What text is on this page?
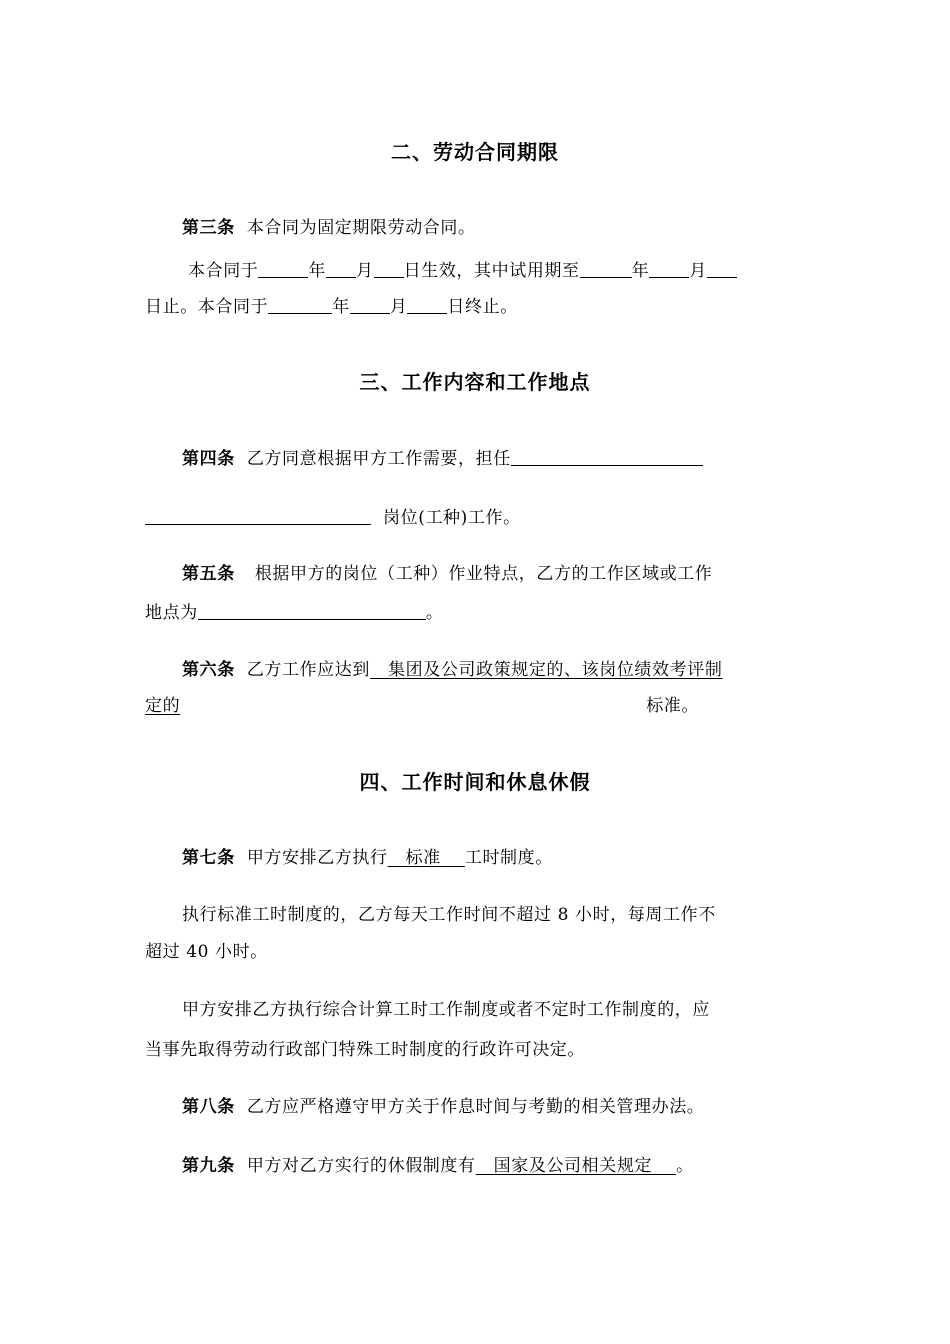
二、劳动合同期限
第三条 本合同为固定期限劳动合同。
本合同于	年 月 日生效，其中试用期至	年 月
日止。本合同于	年 月 日终止。
三、工作内容和工作地点
第四条 乙方同意根据甲方工作需要，担任
岗位(工种)工作。
第五条 根据甲方的岗位（工种）作业特点，乙方的工作区域或工作
地点为	。
第六条 乙方工作应达到 集团及公司政策规定的、该岗位绩效考评制
定的	标准。
四、工作时间和休息休假
第七条 甲方安排乙方执行 标准 工时制度。
执行标准工时制度的，乙方每天工作时间不超过 8 小时，每周工作不
超过 40 小时。
甲方安排乙方执行综合计算工时工作制度或者不定时工作制度的，应
当事先取得劳动行政部门特殊工时制度的行政许可决定。
第八条 乙方应严格遵守甲方关于作息时间与考勤的相关管理办法。
第九条 甲方对乙方实行的休假制度有 国家及公司相关规定 。
